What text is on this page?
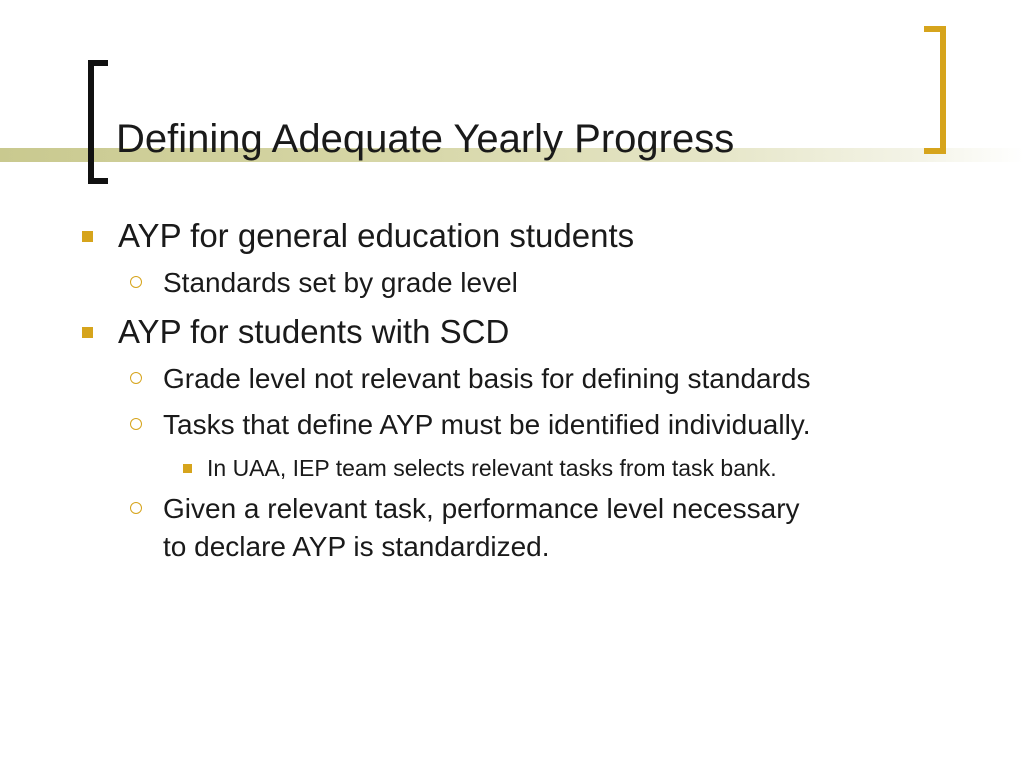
Defining Adequate Yearly Progress
AYP for general education students
Standards set by grade level
AYP for students with SCD
Grade level not relevant basis for defining standards
Tasks that define AYP must be identified individually.
In UAA, IEP team selects relevant tasks from task bank.
Given a relevant task, performance level necessary to declare AYP is standardized.
